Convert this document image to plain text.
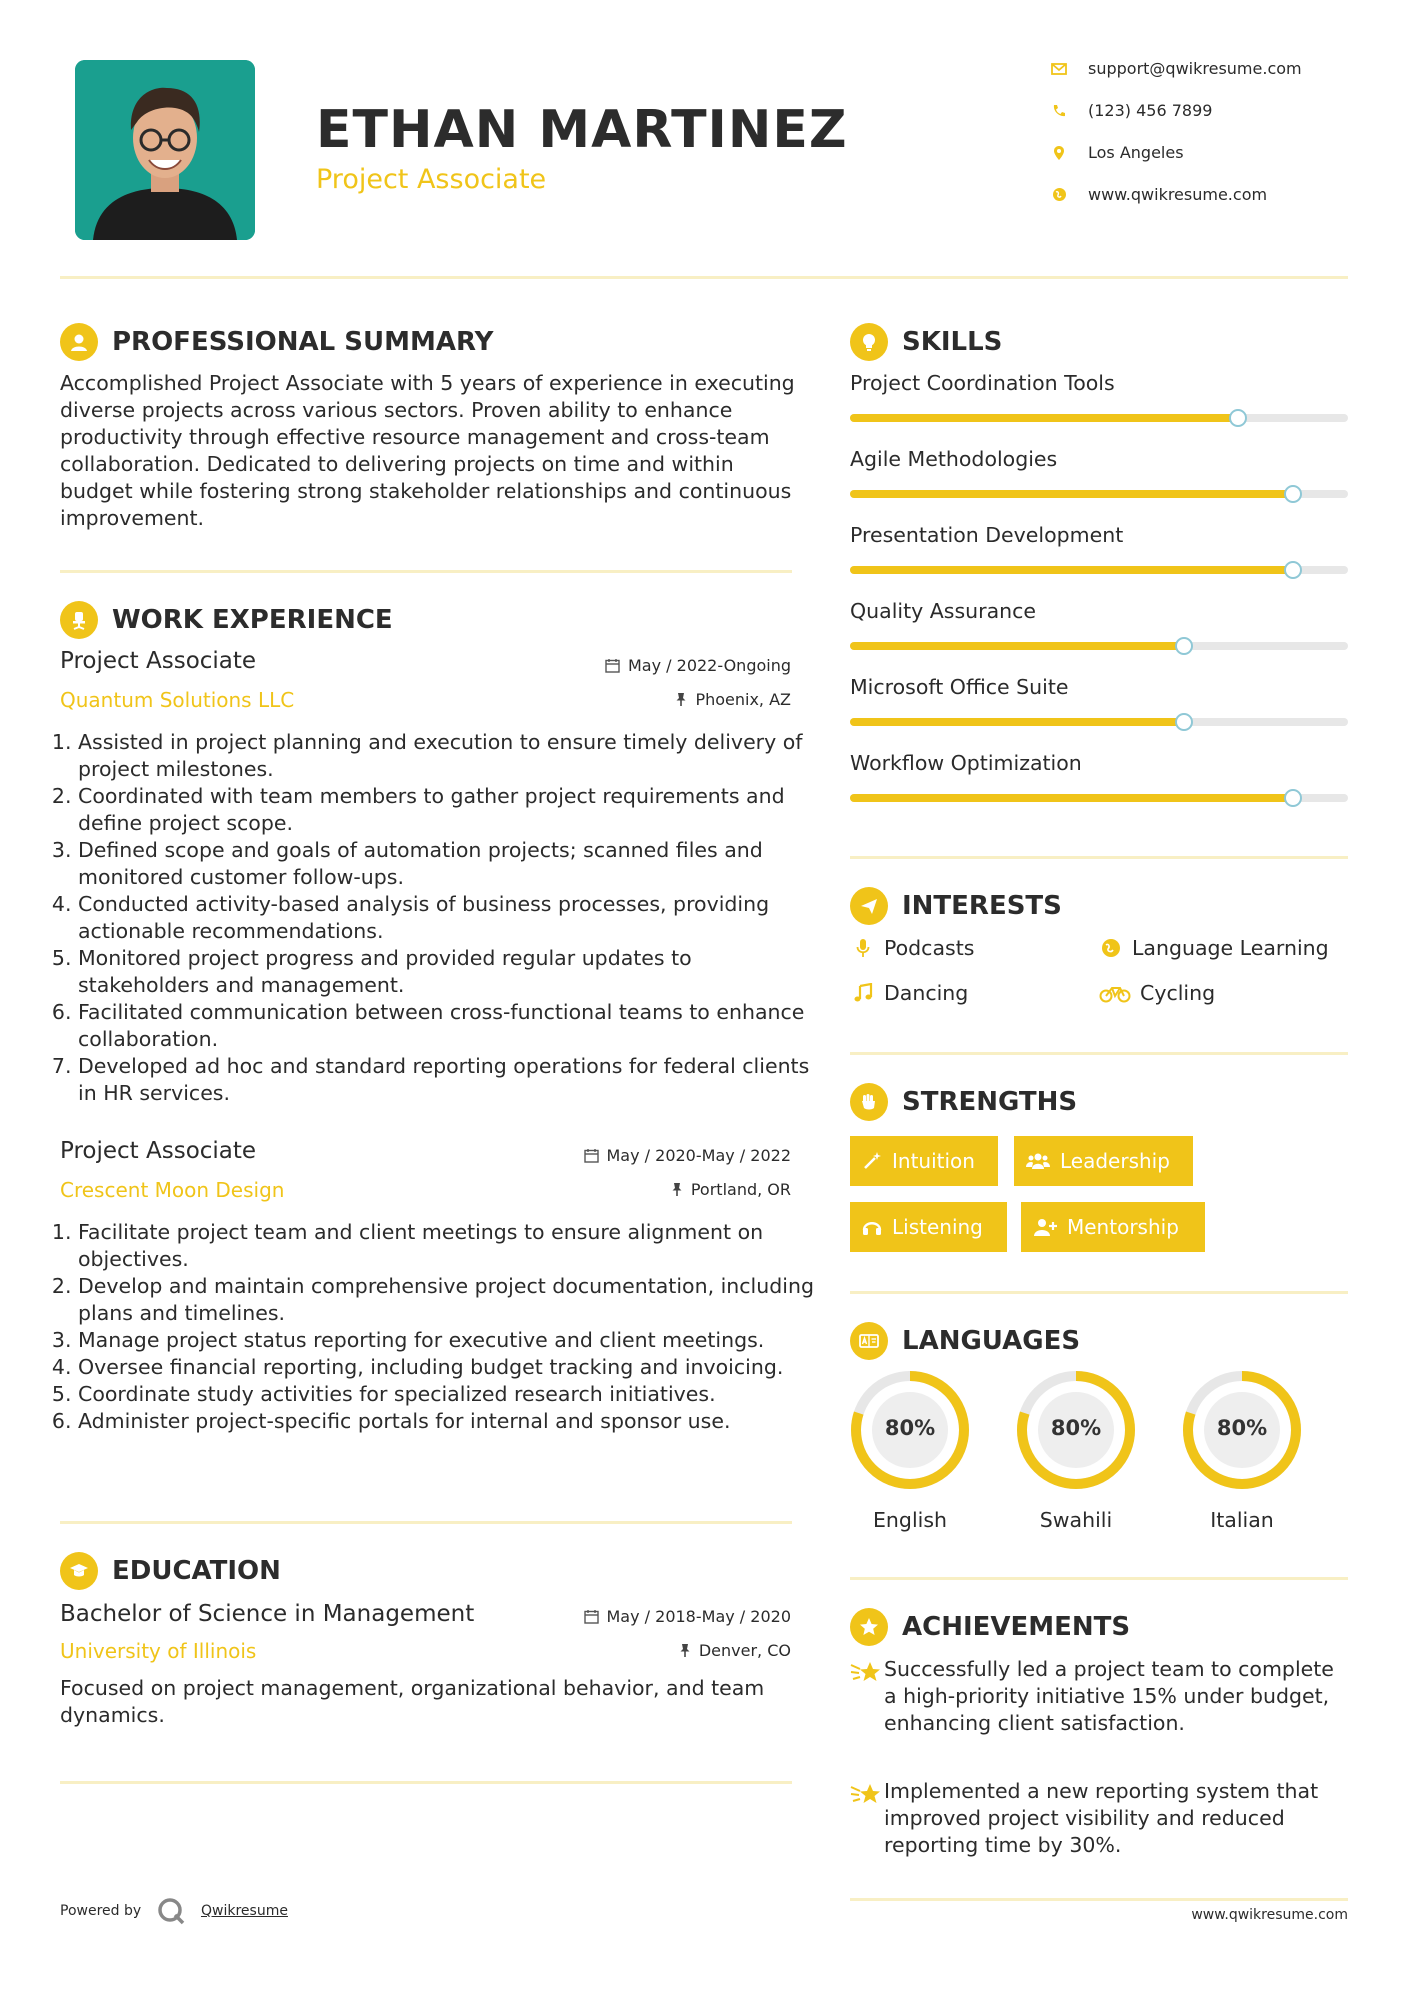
ETHAN MARTINEZ
Project Associate
support@qwikresume.com
(123) 456 7899
Los Angeles
www.qwikresume.com
PROFESSIONAL SUMMARY
Accomplished Project Associate with 5 years of experience in executing diverse projects across various sectors. Proven ability to enhance productivity through effective resource management and cross-team collaboration. Dedicated to delivering projects on time and within budget while fostering strong stakeholder relationships and continuous improvement.
WORK EXPERIENCE
Project Associate	May / 2022-Ongoing
Quantum Solutions LLC	Phoenix, AZ
1. Assisted in project planning and execution to ensure timely delivery of project milestones.
2. Coordinated with team members to gather project requirements and define project scope.
3. Defined scope and goals of automation projects; scanned files and monitored customer follow-ups.
4. Conducted activity-based analysis of business processes, providing actionable recommendations.
5. Monitored project progress and provided regular updates to stakeholders and management.
6. Facilitated communication between cross-functional teams to enhance collaboration.
7. Developed ad hoc and standard reporting operations for federal clients in HR services.
Project Associate	May / 2020-May / 2022
Crescent Moon Design	Portland, OR
1. Facilitate project team and client meetings to ensure alignment on objectives.
2. Develop and maintain comprehensive project documentation, including plans and timelines.
3. Manage project status reporting for executive and client meetings.
4. Oversee financial reporting, including budget tracking and invoicing.
5. Coordinate study activities for specialized research initiatives.
6. Administer project-specific portals for internal and sponsor use.
EDUCATION
Bachelor of Science in Management	May / 2018-May / 2020
University of Illinois	Denver, CO
Focused on project management, organizational behavior, and team dynamics.
SKILLS
Project Coordination Tools
Agile Methodologies
Presentation Development
Quality Assurance
Microsoft Office Suite
Workflow Optimization
INTERESTS
Podcasts	Language Learning
Dancing	Cycling
STRENGTHS
Intuition	Leadership
Listening	Mentorship
LANGUAGES
80%
English
80%
Swahili
80%
Italian
ACHIEVEMENTS
Successfully led a project team to complete a high-priority initiative 15% under budget, enhancing client satisfaction.
Implemented a new reporting system that improved project visibility and reduced reporting time by 30%.
Powered by	Qwikresume	www.qwikresume.com
